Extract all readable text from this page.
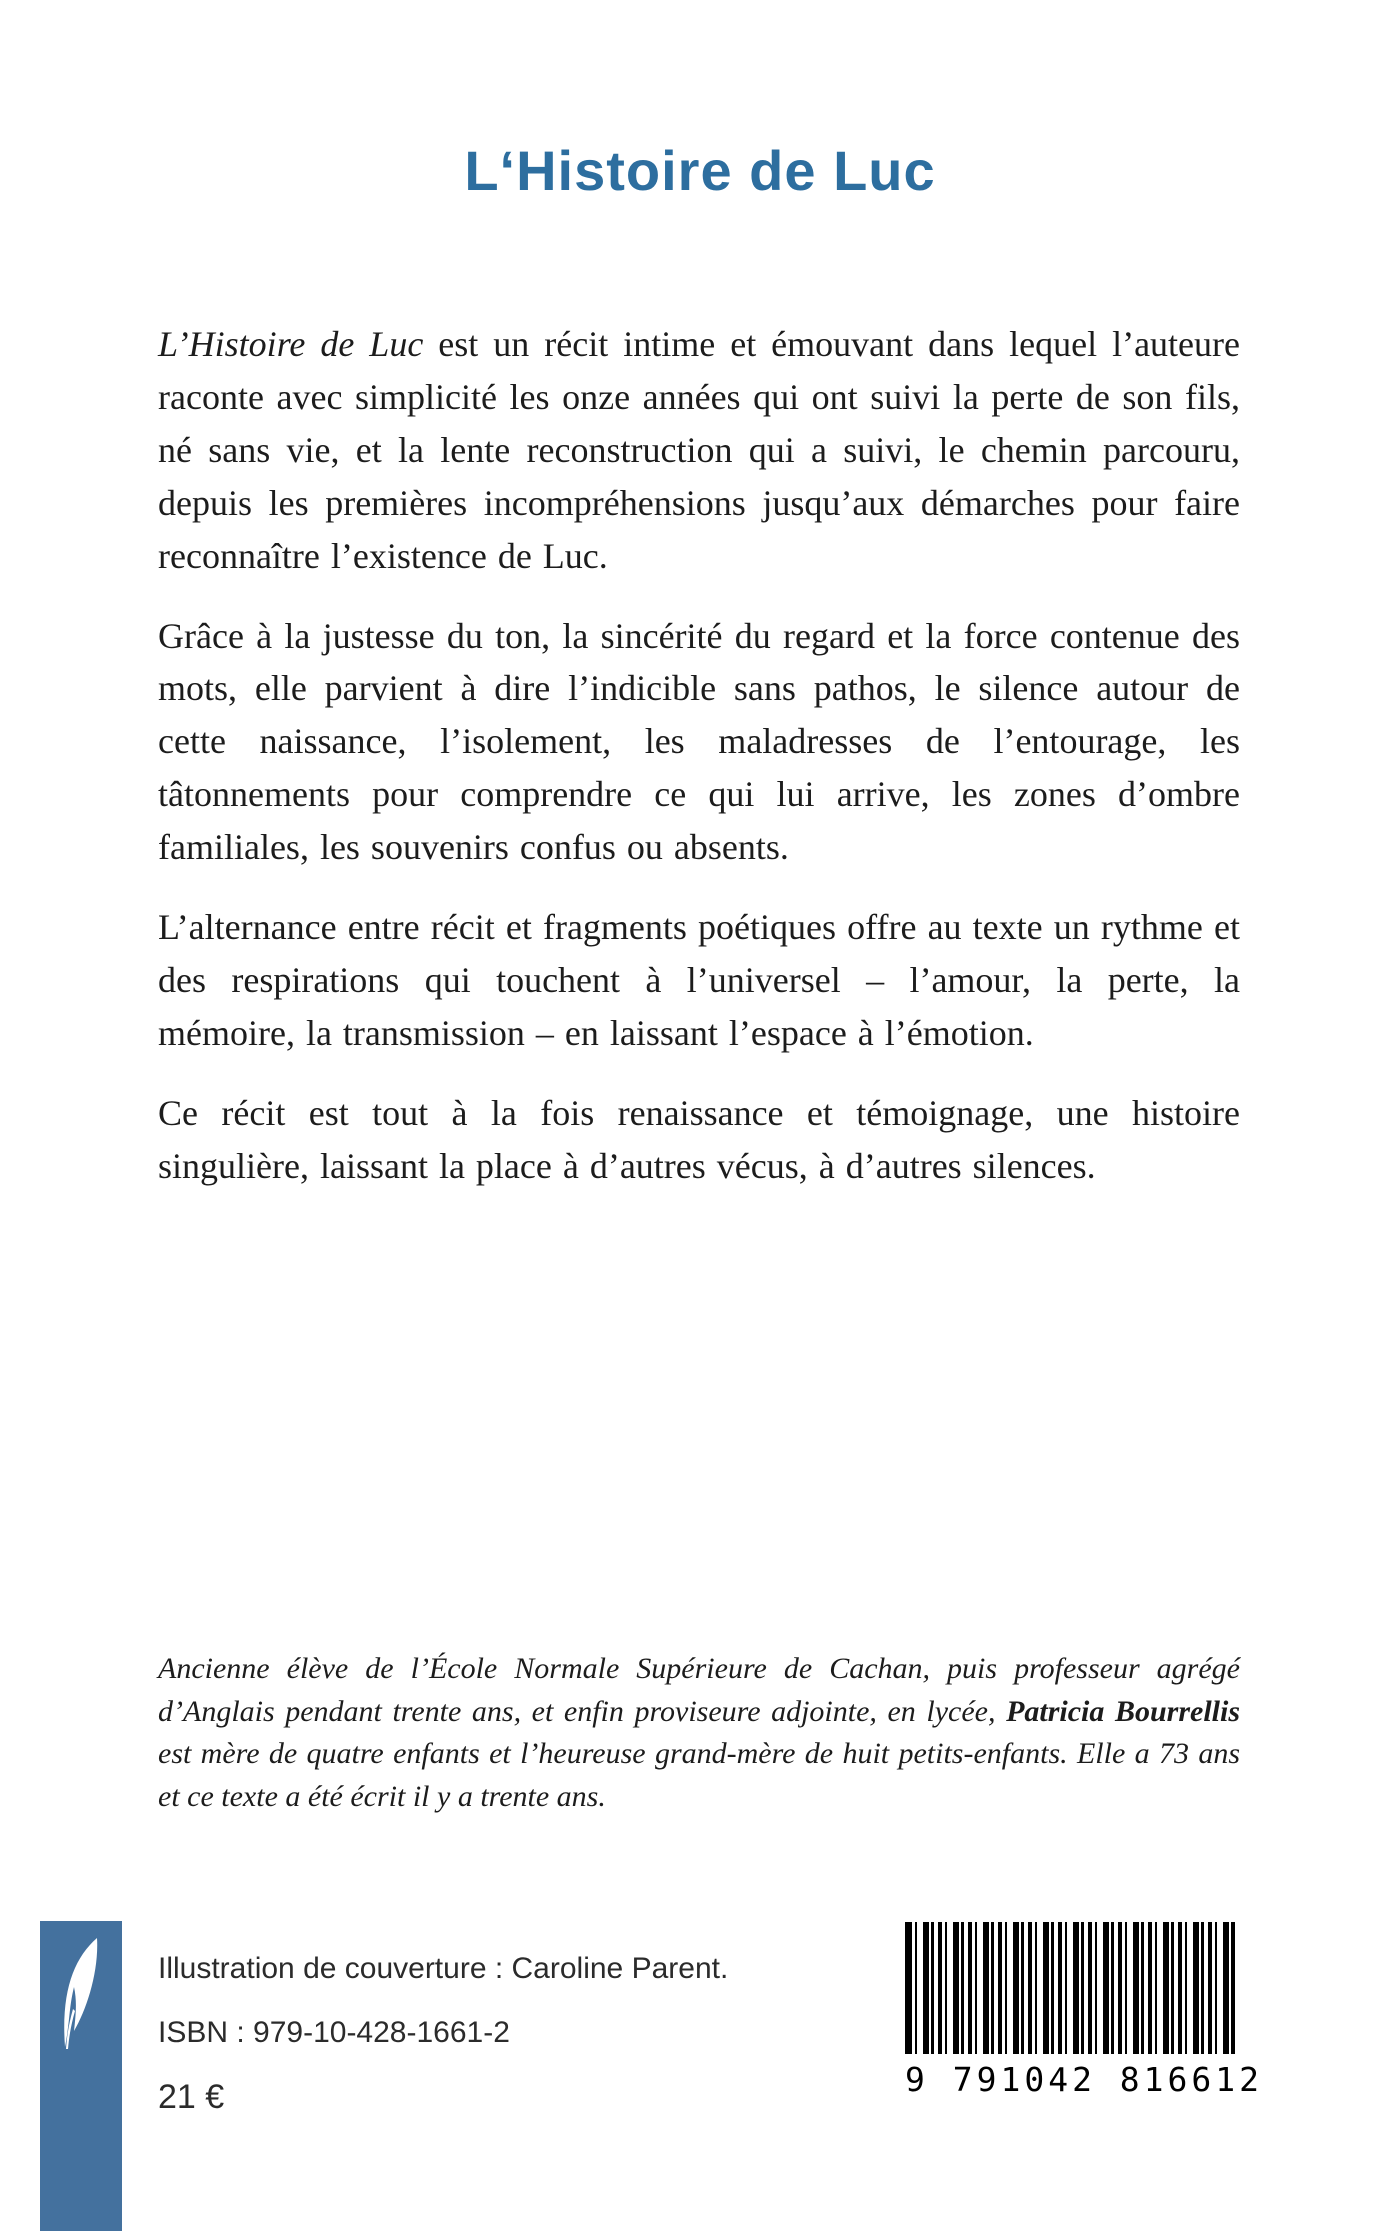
L‘Histoire de Luc

L’Histoire de Luc est un récit intime et émouvant dans lequel l’auteure raconte avec simplicité les onze années qui ont suivi la perte de son fils, né sans vie, et la lente reconstruction qui a suivi, le chemin parcouru, depuis les premières incompréhensions jusqu’aux démarches pour faire reconnaître l’existence de Luc.

Grâce à la justesse du ton, la sincérité du regard et la force contenue des mots, elle parvient à dire l’indicible sans pathos, le silence autour de cette naissance, l’isolement, les maladresses de l’entourage, les tâtonnements pour comprendre ce qui lui arrive, les zones d’ombre familiales, les souvenirs confus ou absents.

L’alternance entre récit et fragments poétiques offre au texte un rythme et des respirations qui touchent à l’universel – l’amour, la perte, la mémoire, la transmission – en laissant l’espace à l’émotion.

Ce récit est tout à la fois renaissance et témoignage, une histoire singulière, laissant la place à d’autres vécus, à d’autres silences.

Ancienne élève de l’École Normale Supérieure de Cachan, puis professeur agrégé d’Anglais pendant trente ans, et enfin proviseure adjointe, en lycée, Patricia Bourrellis est mère de quatre enfants et l’heureuse grand-mère de huit petits-enfants. Elle a 73 ans et ce texte a été écrit il y a trente ans.
Illustration de couverture : Caroline Parent.
ISBN : 979-10-428-1661-2
21 €	9 791042 816612
